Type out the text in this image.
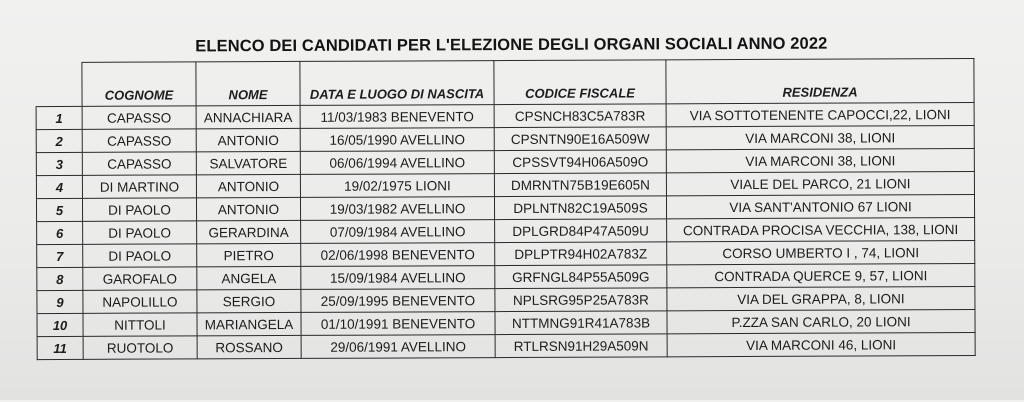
ELENCO DEI CANDIDATI PER L'ELEZIONE DEGLI ORGANI SOCIALI ANNO 2022
	COGNOME	NOME	DATA E LUOGO DI NASCITA	CODICE FISCALE	RESIDENZA
1	CAPASSO	ANNACHIARA	11/03/1983 BENEVENTO	CPSNCH83C5A783R	VIA SOTTOTENENTE CAPOCCI,22, LIONI
2	CAPASSO	ANTONIO	16/05/1990 AVELLINO	CPSNTN90E16A509W	VIA MARCONI 38, LIONI
3	CAPASSO	SALVATORE	06/06/1994 AVELLINO	CPSSVT94H06A509O	VIA MARCONI 38, LIONI
4	DI MARTINO	ANTONIO	19/02/1975 LIONI	DMRNTN75B19E605N	VIALE DEL PARCO, 21 LIONI
5	DI PAOLO	ANTONIO	19/03/1982 AVELLINO	DPLNTN82C19A509S	VIA SANT'ANTONIO 67 LIONI
6	DI PAOLO	GERARDINA	07/09/1984 AVELLINO	DPLGRD84P47A509U	CONTRADA PROCISA VECCHIA, 138, LIONI
7	DI PAOLO	PIETRO	02/06/1998 BENEVENTO	DPLPTR94H02A783Z	CORSO UMBERTO I , 74, LIONI
8	GAROFALO	ANGELA	15/09/1984 AVELLINO	GRFNGL84P55A509G	CONTRADA QUERCE 9, 57, LIONI
9	NAPOLILLO	SERGIO	25/09/1995 BENEVENTO	NPLSRG95P25A783R	VIA DEL GRAPPA, 8, LIONI
10	NITTOLI	MARIANGELA	01/10/1991 BENEVENTO	NTTMNG91R41A783B	P.ZZA SAN CARLO, 20 LIONI
11	RUOTOLO	ROSSANO	29/06/1991 AVELLINO	RTLRSN91H29A509N	VIA MARCONI 46, LIONI
